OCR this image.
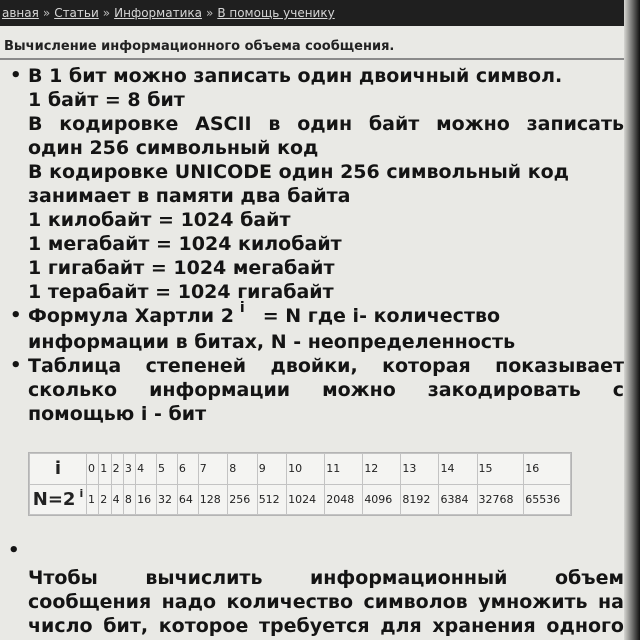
авная » Статьи » Информатика » В помощь ученику
Вычисление информационного объема сообщения.
• В 1 бит можно записать один двоичный символ.
1 байт = 8 бит
В кодировке ASCII в один байт можно записать
один 256 символьный код
В кодировке UNICODE один 256 символьный код
занимает в памяти два байта
1 килобайт = 1024 байт
1 мегабайт = 1024 килобайт
1 гигабайт = 1024 мегабайт
1 терабайт = 1024 гигабайт
• Формула Хартли 2 $^i$ = N где i- количество
информации в битах, N - неопределенность
• Таблица степеней двойки, которая показывает
сколько информации можно закодировать с
помощью i - бит
i	0	1	2	3	4	5	6	7	8	9	10	11	12	13	14	15	16
N=2 $^i$	1	2	4	8	16	32	64	128	256	512	1024	2048	4096	8192	6384	32768	65536
•
Чтобы вычислить информационный объем
сообщения надо количество символов умножить на
число бит, которое требуется для хранения одного
